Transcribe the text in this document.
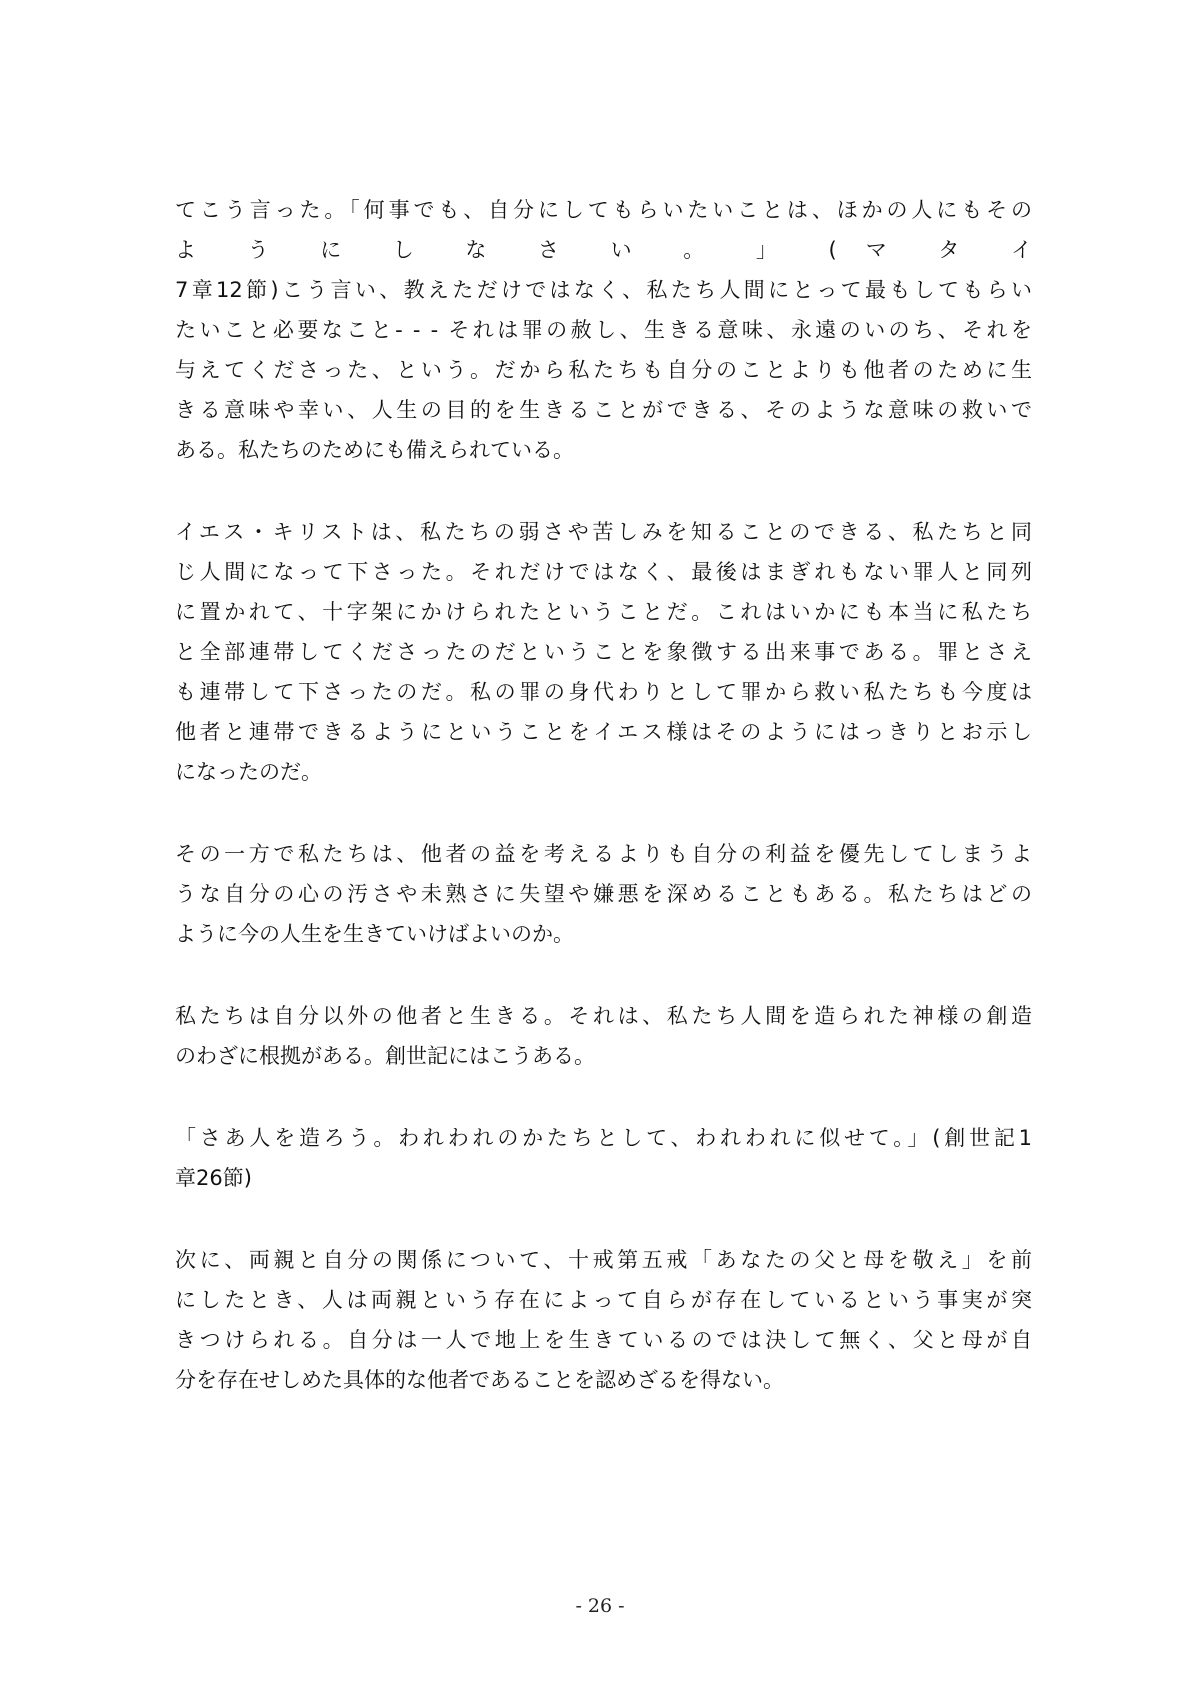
てこう言った。「何事でも、自分にしてもらいたいことは、ほかの人にもその
よ う に し な さ い 。 」 ( マ タ イ
7章12節)こう言い、教えただけではなく、私たち人間にとって最もしてもらい
たいこと必要なこと- - - それは罪の赦し、生きる意味、永遠のいのち、それを
与えてくださった、という。だから私たちも自分のことよりも他者のために生
きる意味や幸い、人生の目的を生きることができる、そのような意味の救いで
ある。私たちのためにも備えられている。
イエス・キリストは、私たちの弱さや苦しみを知ることのできる、私たちと同
じ人間になって下さった。それだけではなく、最後はまぎれもない罪人と同列
に置かれて、十字架にかけられたということだ。これはいかにも本当に私たち
と全部連帯してくださったのだということを象徴する出来事である。罪とさえ
も連帯して下さったのだ。私の罪の身代わりとして罪から救い私たちも今度は
他者と連帯できるようにということをイエス様はそのようにはっきりとお示し
になったのだ。
その一方で私たちは、他者の益を考えるよりも自分の利益を優先してしまうよ
うな自分の心の汚さや未熟さに失望や嫌悪を深めることもある。私たちはどの
ように今の人生を生きていけばよいのか。
私たちは自分以外の他者と生きる。それは、私たち人間を造られた神様の創造
のわざに根拠がある。創世記にはこうある。
「さあ人を造ろう。われわれのかたちとして、われわれに似せて。」(創世記1
章26節)
次に、両親と自分の関係について、十戒第五戒「あなたの父と母を敬え」を前
にしたとき、人は両親という存在によって自らが存在しているという事実が突
きつけられる。自分は一人で地上を生きているのでは決して無く、父と母が自
分を存在せしめた具体的な他者であることを認めざるを得ない。
- 26 -
